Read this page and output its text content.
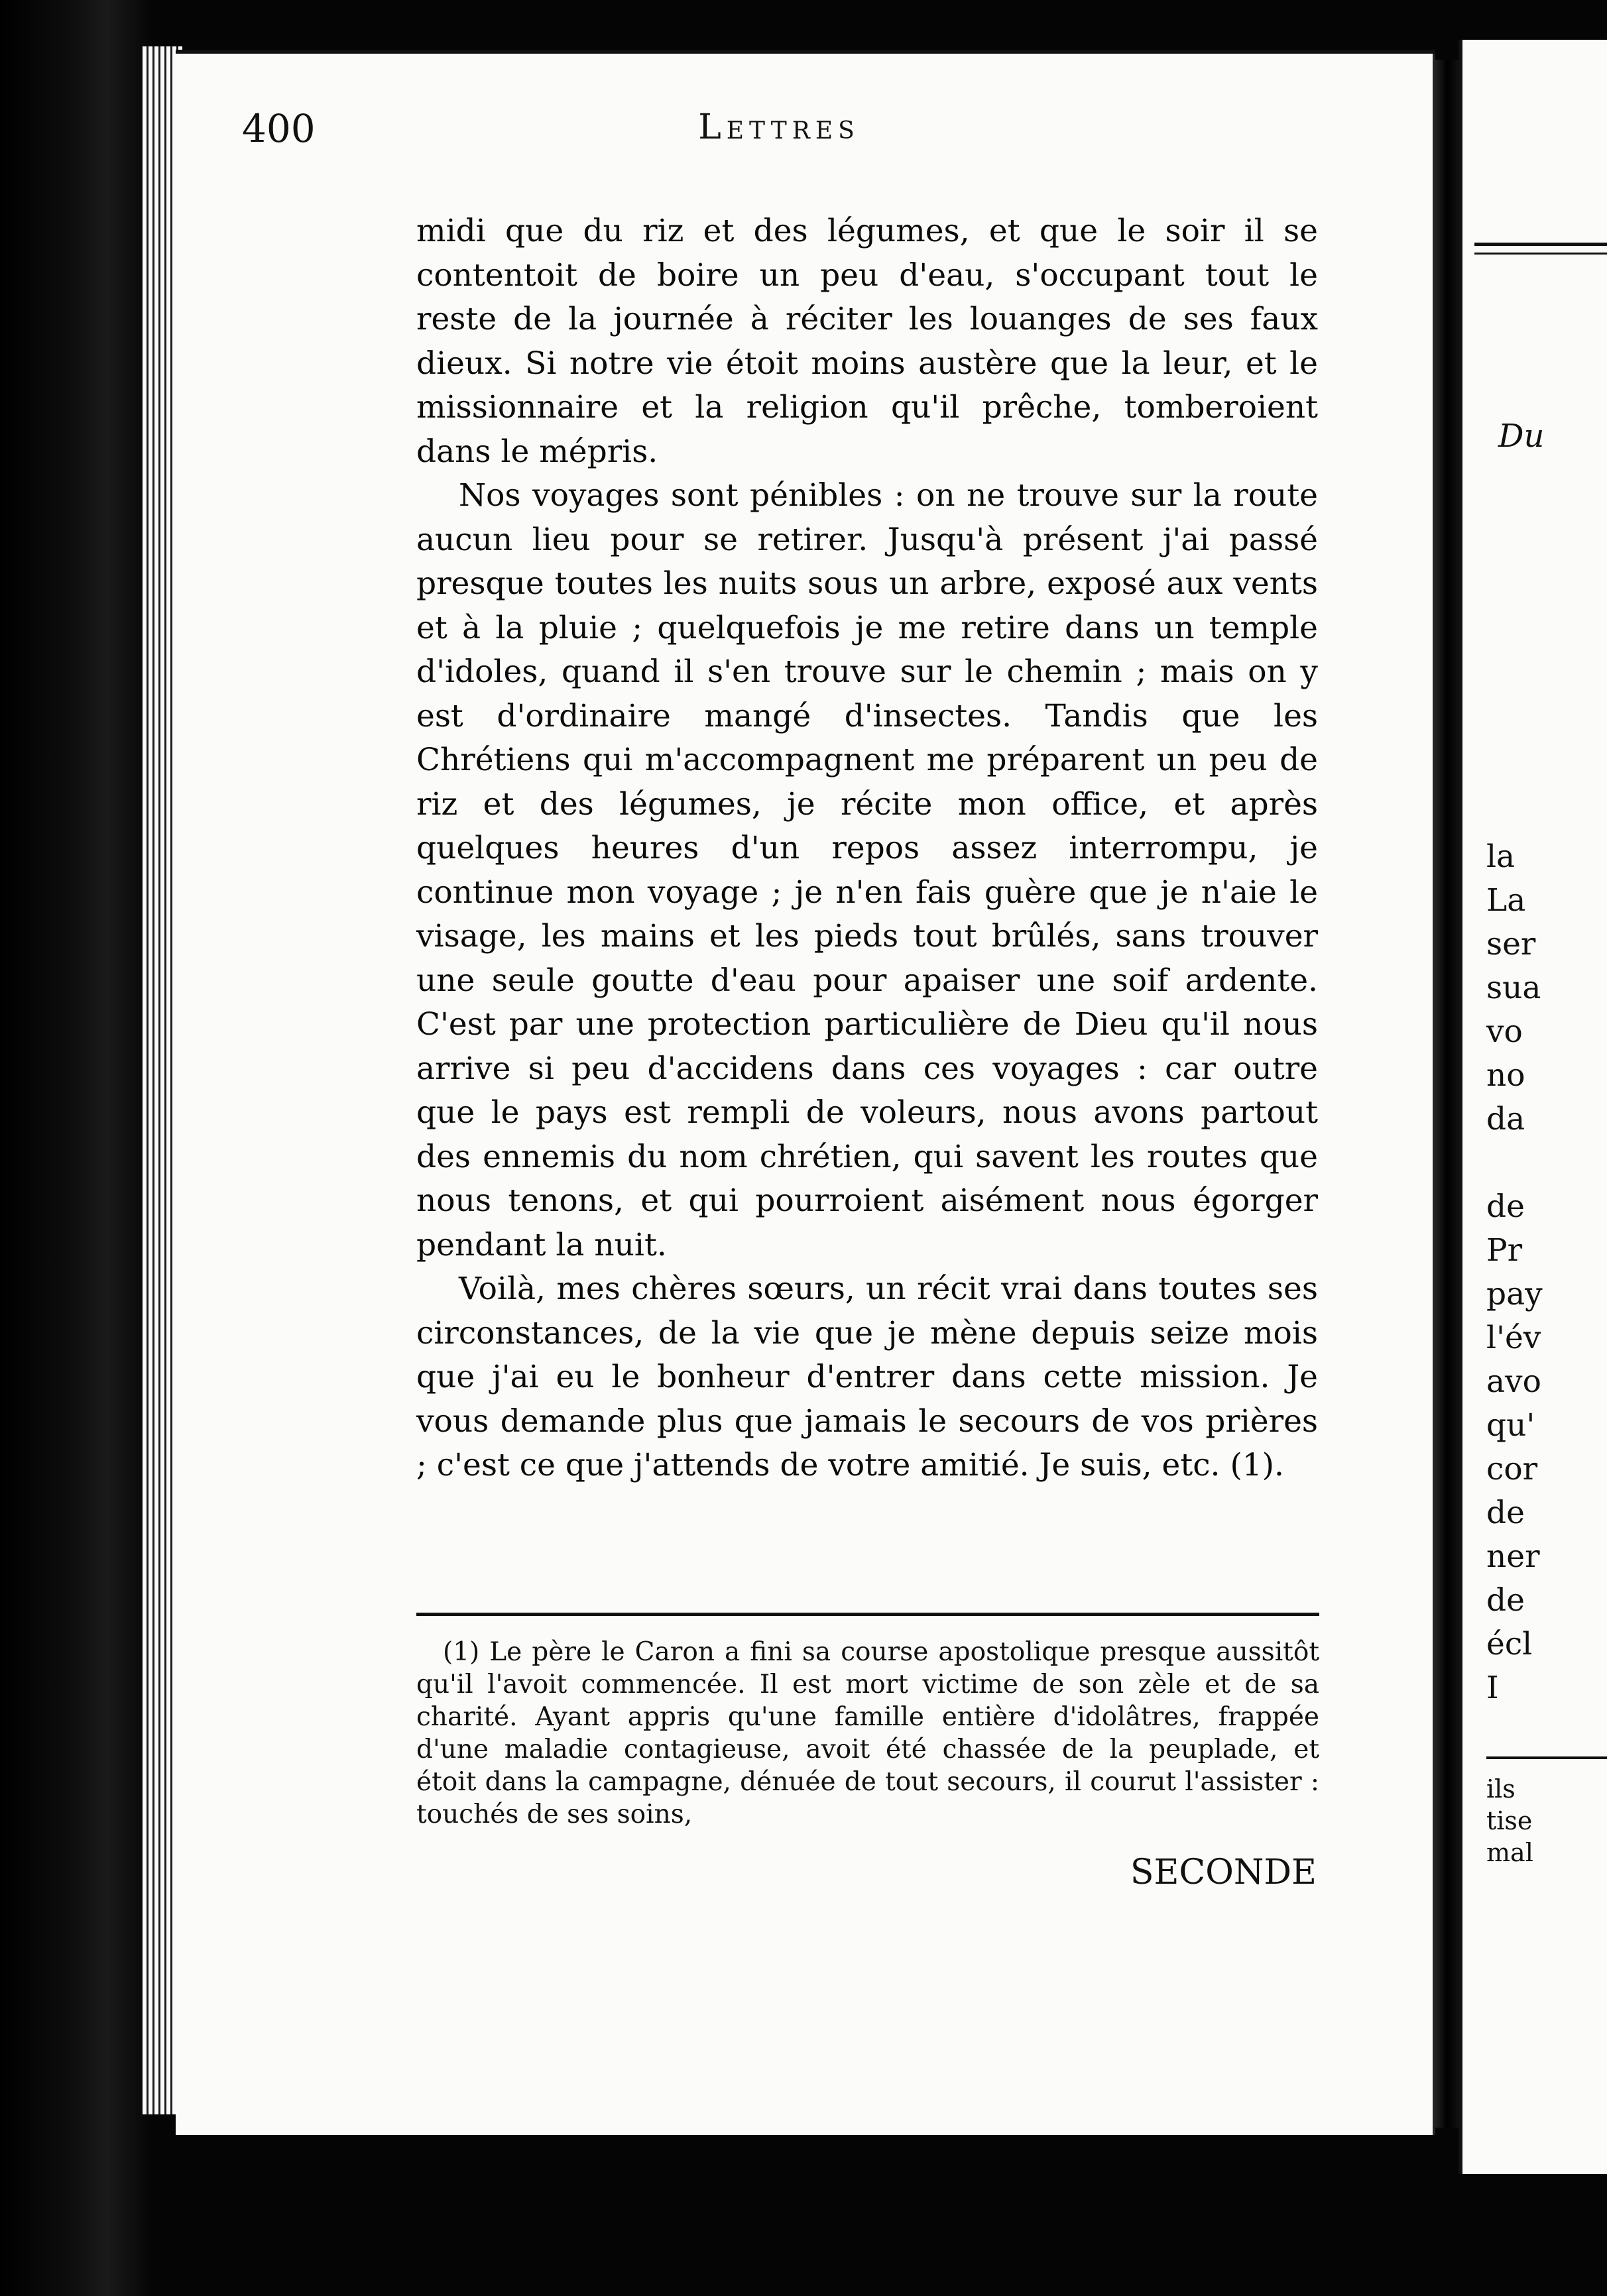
400	Lettres

midi que du riz et des légumes, et que le soir il se contentoit de boire un peu d'eau, s'occupant tout le reste de la journée à réciter les louanges de ses faux dieux. Si notre vie étoit moins austère que la leur, et le missionnaire et la religion qu'il prêche, tomberoient dans le mépris.

Nos voyages sont pénibles : on ne trouve sur la route aucun lieu pour se retirer. Jusqu'à présent j'ai passé presque toutes les nuits sous un arbre, exposé aux vents et à la pluie ; quelquefois je me retire dans un temple d'idoles, quand il s'en trouve sur le chemin ; mais on y est d'ordinaire mangé d'insectes. Tandis que les Chrétiens qui m'accompagnent me préparent un peu de riz et des légumes, je récite mon office, et après quelques heures d'un repos assez interrompu, je continue mon voyage ; je n'en fais guère que je n'aie le visage, les mains et les pieds tout brûlés, sans trouver une seule goutte d'eau pour apaiser une soif ardente. C'est par une protection particulière de Dieu qu'il nous arrive si peu d'accidens dans ces voyages : car outre que le pays est rempli de voleurs, nous avons partout des ennemis du nom chrétien, qui savent les routes que nous tenons, et qui pourroient aisément nous égorger pendant la nuit.

Voilà, mes chères sœurs, un récit vrai dans toutes ses circonstances, de la vie que je mène depuis seize mois que j'ai eu le bonheur d'entrer dans cette mission. Je vous demande plus que jamais le secours de vos prières ; c'est ce que j'attends de votre amitié. Je suis, etc. (1).

(1) Le père le Caron a fini sa course apostolique presque aussitôt qu'il l'avoit commencée. Il est mort victime de son zèle et de sa charité. Ayant appris qu'une famille entière d'idolâtres, frappée d'une maladie contagieuse, avoit été chassée de la peuplade, et étoit dans la campagne, dénuée de tout secours, il courut l'assister : touchés de ses soins,

SECONDE
Du
la
La
ser
sua
vo
no
da

de
Pr
pay
l'év
avo
qu'
cor
de
ner
de
écl
I
ils
tise
mal
